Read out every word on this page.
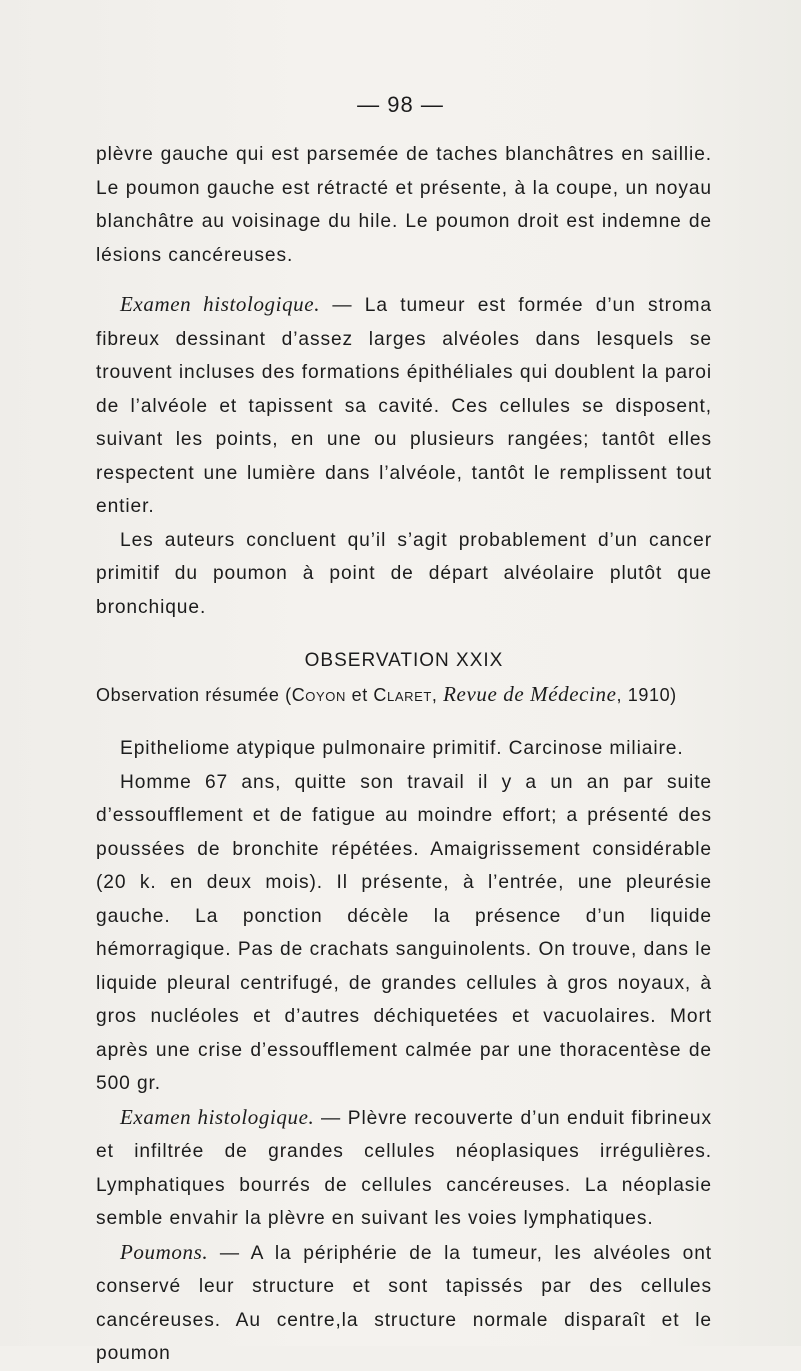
— 98 —

plèvre gauche qui est parsemée de taches blanchâtres en saillie. Le poumon gauche est rétracté et présente, à la coupe, un noyau blanchâtre au voisinage du hile. Le poumon droit est indemne de lésions cancéreuses.

Examen histologique. — La tumeur est formée d’un stroma fibreux dessinant d’assez larges alvéoles dans lesquels se trouvent incluses des formations épithéliales qui doublent la paroi de l’alvéole et tapissent sa cavité. Ces cellules se disposent, suivant les points, en une ou plusieurs rangées; tantôt elles respectent une lumière dans l’alvéole, tantôt le remplissent tout entier.

Les auteurs concluent qu’il s’agit probablement d’un cancer primitif du poumon à point de départ alvéolaire plutôt que bronchique.

OBSERVATION XXIX

Observation résumée (Coyon et Claret, Revue de Médecine, 1910)

Epitheliome atypique pulmonaire primitif. Carcinose miliaire.

Homme 67 ans, quitte son travail il y a un an par suite d’essoufflement et de fatigue au moindre effort; a présenté des poussées de bronchite répétées. Amaigrissement considérable (20 k. en deux mois). Il présente, à l’entrée, une pleurésie gauche. La ponction décèle la présence d’un liquide hémorragique. Pas de crachats sanguinolents. On trouve, dans le liquide pleural centrifugé, de grandes cellules à gros noyaux, à gros nucléoles et d’autres déchiquetées et vacuolaires. Mort après une crise d’essoufflement calmée par une thoracentèse de 500 gr.

Examen histologique. — Plèvre recouverte d’un enduit fibrineux et infiltrée de grandes cellules néoplasiques irrégulières. Lymphatiques bourrés de cellules cancéreuses. La néoplasie semble envahir la plèvre en suivant les voies lymphatiques.

Poumons. — A la périphérie de la tumeur, les alvéoles ont conservé leur structure et sont tapissés par des cellules cancéreuses. Au centre,la structure normale disparaît et le poumon
